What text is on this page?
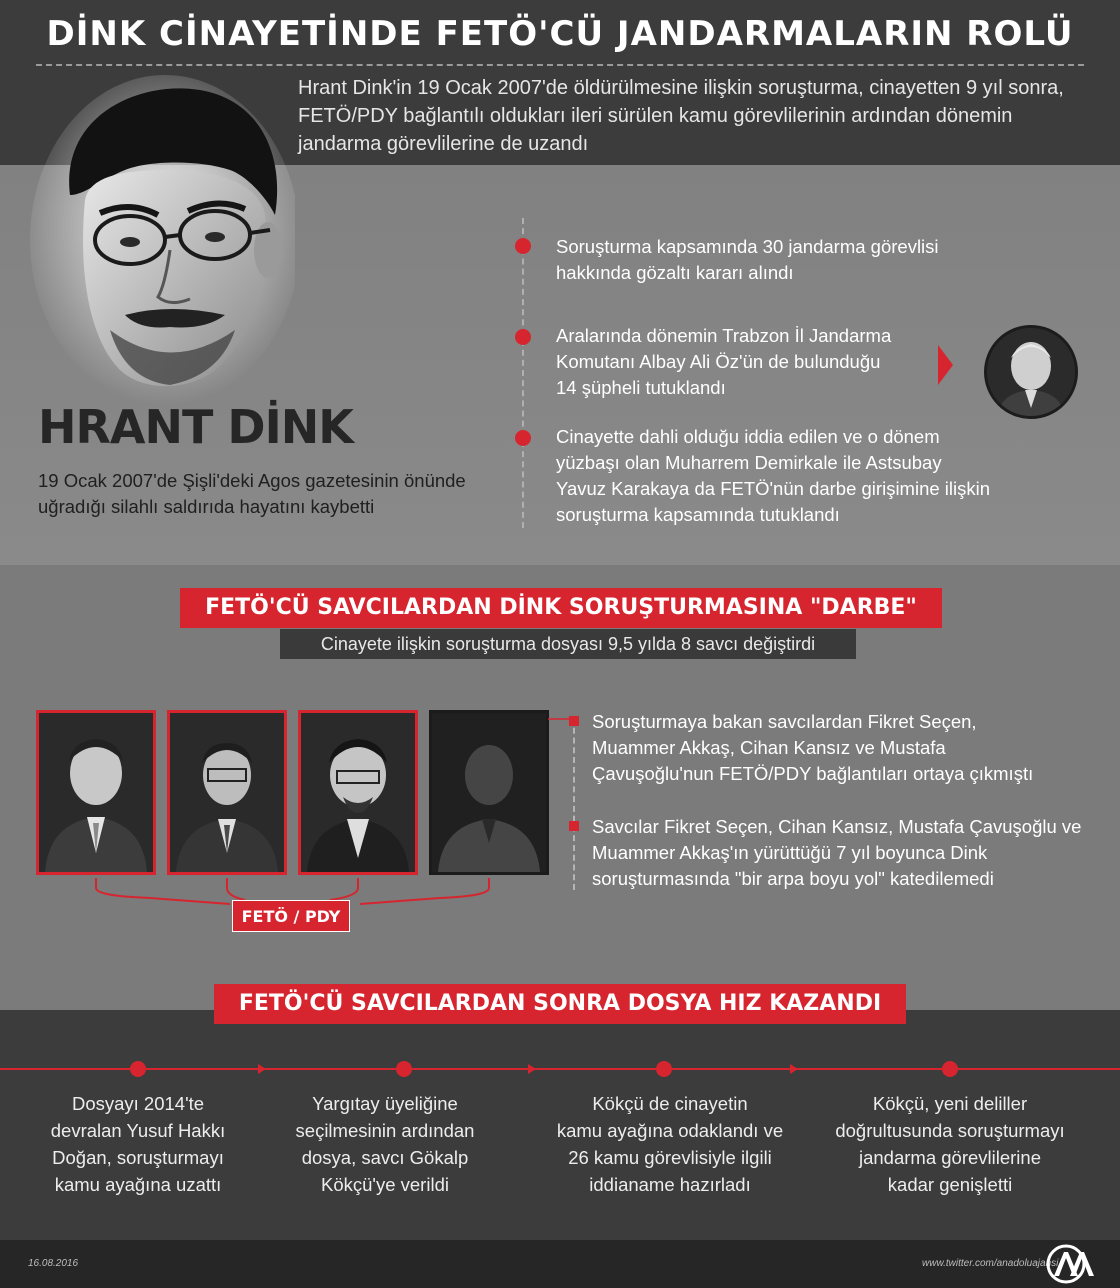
DİNK CİNAYETİNDE FETÖ'CÜ JANDARMALARIN ROLÜ
Hrant Dink'in 19 Ocak 2007'de öldürülmesine ilişkin soruşturma, cinayetten 9 yıl sonra,
FETÖ/PDY bağlantılı oldukları ileri sürülen kamu görevlilerinin ardından dönemin
jandarma görevlilerine de uzandı
HRANT DİNK
19 Ocak 2007'de Şişli'deki Agos gazetesinin önünde
uğradığı silahlı saldırıda hayatını kaybetti
Soruşturma kapsamında 30 jandarma görevlisi
hakkında gözaltı kararı alındı
Aralarında dönemin Trabzon İl Jandarma
Komutanı Albay Ali Öz'ün de bulunduğu
14 şüpheli tutuklandı
Cinayette dahli olduğu iddia edilen ve o dönem
yüzbaşı olan Muharrem Demirkale ile Astsubay
Yavuz Karakaya da FETÖ'nün darbe girişimine ilişkin
soruşturma kapsamında tutuklandı
FETÖ'CÜ SAVCILARDAN DİNK SORUŞTURMASINA "DARBE"
Cinayete ilişkin soruşturma dosyası 9,5 yılda 8 savcı değiştirdi
FETÖ / PDY
Soruşturmaya bakan savcılardan Fikret Seçen,
Muammer Akkaş, Cihan Kansız ve Mustafa
Çavuşoğlu'nun FETÖ/PDY bağlantıları ortaya çıkmıştı
Savcılar Fikret Seçen, Cihan Kansız, Mustafa Çavuşoğlu ve
Muammer Akkaş'ın yürüttüğü 7 yıl boyunca Dink
soruşturmasında "bir arpa boyu yol" katedilemedi
FETÖ'CÜ SAVCILARDAN SONRA DOSYA HIZ KAZANDI
Dosyayı 2014'te
devralan Yusuf Hakkı
Doğan, soruşturmayı
kamu ayağına uzattı
Yargıtay üyeliğine
seçilmesinin ardından
dosya, savcı Gökalp
Kökçü'ye verildi
Kökçü de cinayetin
kamu ayağına odaklandı ve
26 kamu görevlisiyle ilgili
iddianame hazırladı
Kökçü, yeni deliller
doğrultusunda soruşturmayı
jandarma görevlilerine
kadar genişletti
16.08.2016	www.twitter.com/anadoluajansi
